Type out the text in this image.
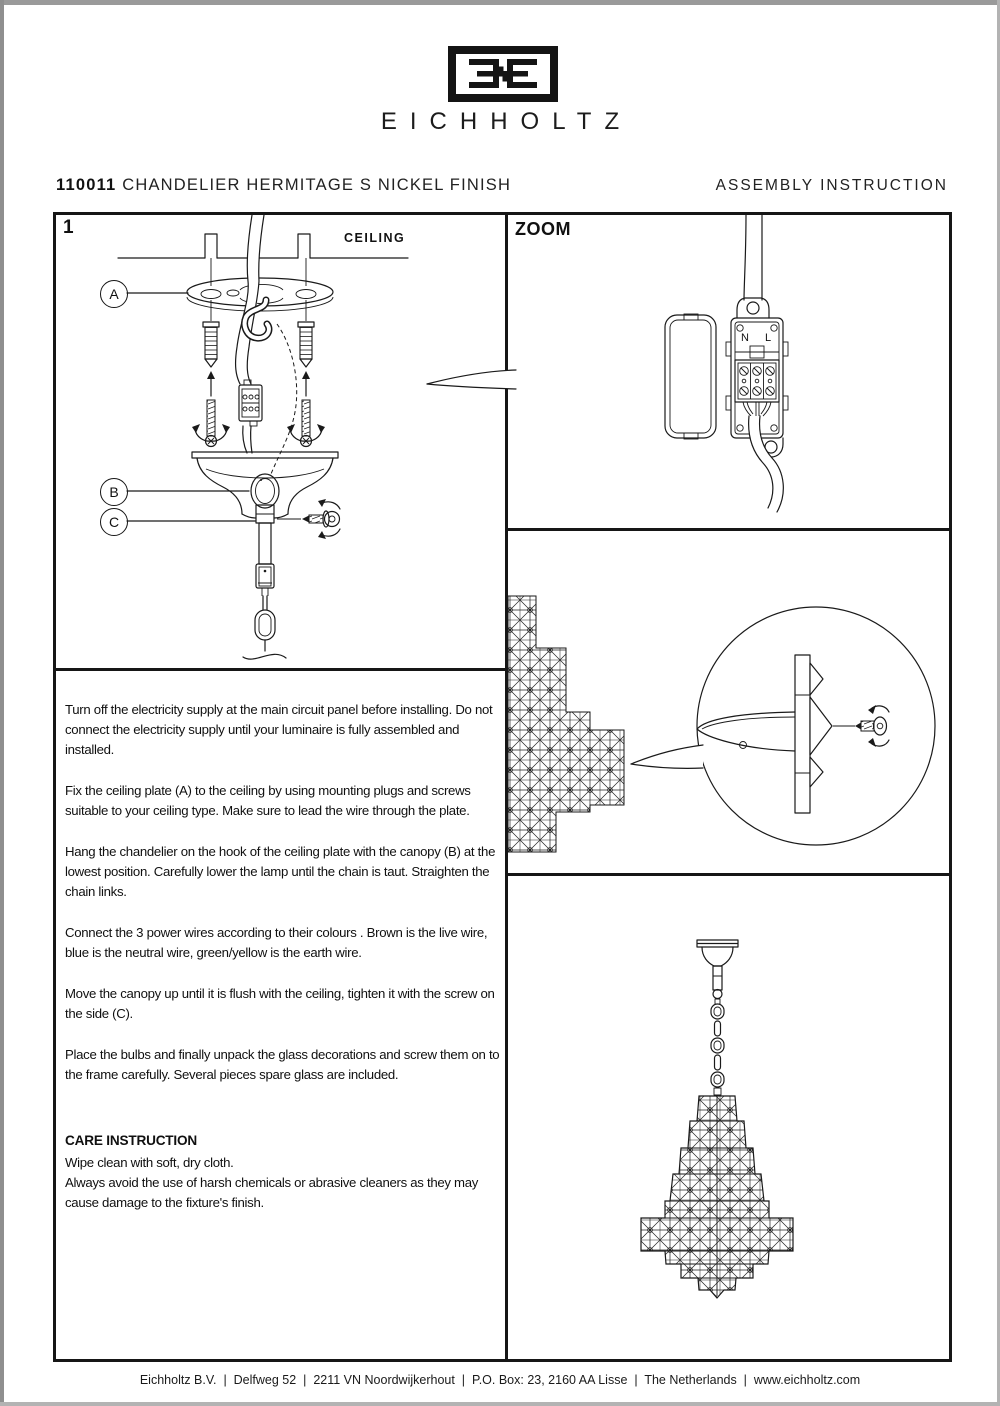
EICHHOLTZ
110011 CHANDELIER HERMITAGE S NICKEL FINISH	ASSEMBLY INSTRUCTION
1	CEILING	ZOOM
A
B
C
N L

Turn off the electricity supply at the main circuit panel before installing. Do not connect the electricity supply until your luminaire is fully assembled and installed.

Fix the ceiling plate (A) to the ceiling by using mounting plugs and screws suitable to your ceiling type. Make sure to lead the wire through the plate.

Hang the chandelier on the hook of the ceiling plate with the canopy (B) at the lowest position. Carefully lower the lamp until the chain is taut. Straighten the chain links.

Connect the 3 power wires according to their colours . Brown is the live wire, blue is the neutral wire, green/yellow is the earth wire.

Move the canopy up until it is flush with the ceiling, tighten it with the screw on the side (C).

Place the bulbs and finally unpack the glass decorations and screw them on to the frame carefully. Several pieces spare glass are included.

CARE INSTRUCTION

Wipe clean with soft, dry cloth.

Always avoid the use of harsh chemicals or abrasive cleaners as they may cause damage to the fixture's finish.

Eichholtz B.V.  |  Delfweg 52  |  2211 VN Noordwijkerhout  |  P.O. Box: 23, 2160 AA Lisse  |  The Netherlands  |  www.eichholtz.com
